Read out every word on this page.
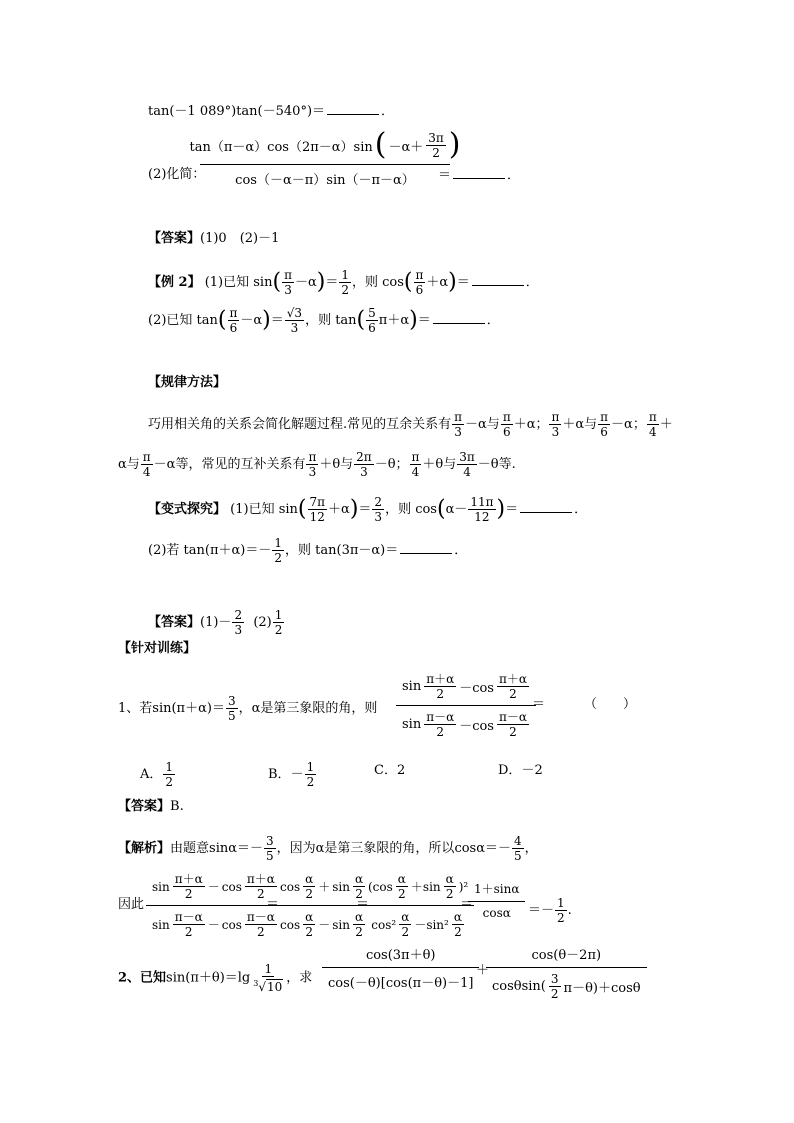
tan(－1 089°)tan(－540°)＝	．
(2)化简：
tan（π－α）cos（2π－α）sin ( $-\alpha+ \frac{3\pi}{2}$ )
cos（－α－π）sin（－π－α）	＝	．
【答案】(1)0　(2)－1
【例 2】 (1)已知 $\sin( \frac{\pi}{3} -\alpha)= \frac{1}{2}$ ，则 $\cos( \frac{\pi}{6} +\alpha)=$	．
(2)已知 $\tan( \frac{\pi}{6} -\alpha)= \frac{√3}{3}$ ，则 $\tan( \frac{5}{6} \pi+\alpha)=$	．
【规律方法】
巧用相关角的关系会简化解题过程.常见的互余关系有 $\frac{\pi}{3} -\alpha$与 $\frac{\pi}{6} +\alpha$； $\frac{\pi}{3} +\alpha$与 $\frac{\pi}{6} -\alpha$； $\frac{\pi}{4}$ ＋
α与 $\frac{\pi}{4} -\alpha$等，常见的互补关系有 $\frac{\pi}{3} +\theta$与 $\frac{2\pi}{3} -\theta$； $\frac{\pi}{4} +\theta$与 $\frac{3\pi}{4} -\theta$等.
【变式探究】 (1)已知 $\sin( \frac{7\pi}{12} +\alpha)= \frac{2}{3}$ ，则 $\cos(\alpha- \frac{11\pi}{12}$ )＝	．
(2)若 $\tan(\pi+\alpha)=- \frac{1}{2}$ ，则 tan(3π－α)＝	．
【答案】$(1)- \frac{2}{3} (2) \frac{1}{2}$
【针对训练】
1、若$\sin(\pi+\alpha)= \frac{3}{5}$ ，α是第三象限的角，则
$\sin \frac{\pi+\alpha}{2} -\cos \frac{\pi+\alpha}{2}$
$\sin \frac{\pi-\alpha}{2} -\cos \frac{\pi-\alpha}{2}$
＝	（　　）
A． $\frac{1}{2}$	B．－ $\frac{1}{2}$	C．2	D．－2
【答案】B.
【解析】由题意$\sin\alpha=- \frac{3}{5}$ ，因为α是第三象限的角，所以$\cos\alpha=- \frac{4}{5}$ ，
因此
$\sin \frac{\pi+\alpha}{2} - \cos \frac{\pi+\alpha}{2}$
$\sin \frac{\pi-\alpha}{2} - \cos \frac{\pi-\alpha}{2}$
＝
$\cos \frac{\alpha}{2} + \sin \frac{\alpha}{2}$
$\cos \frac{\alpha}{2} - \sin \frac{\alpha}{2}$
＝
$(\cos \frac{\alpha}{2} +\sin \frac{\alpha}{2} )^2$
$\cos^2 \frac{\alpha}{2} -\sin^2 \frac{\alpha}{2}$
＝
1＋sinα
cosα	＝－ $\frac{1}{2}$ .
2、已知$\sin(\pi+\theta)=\lg \frac{1}{^3√10}$ ，求
cos(3π＋θ)
cos(－θ)[cos(π－θ)－1]
＋
cos(θ－2π)
$\cos\theta\sin( \frac{3}{2} \pi-\theta)+\cos\theta$
